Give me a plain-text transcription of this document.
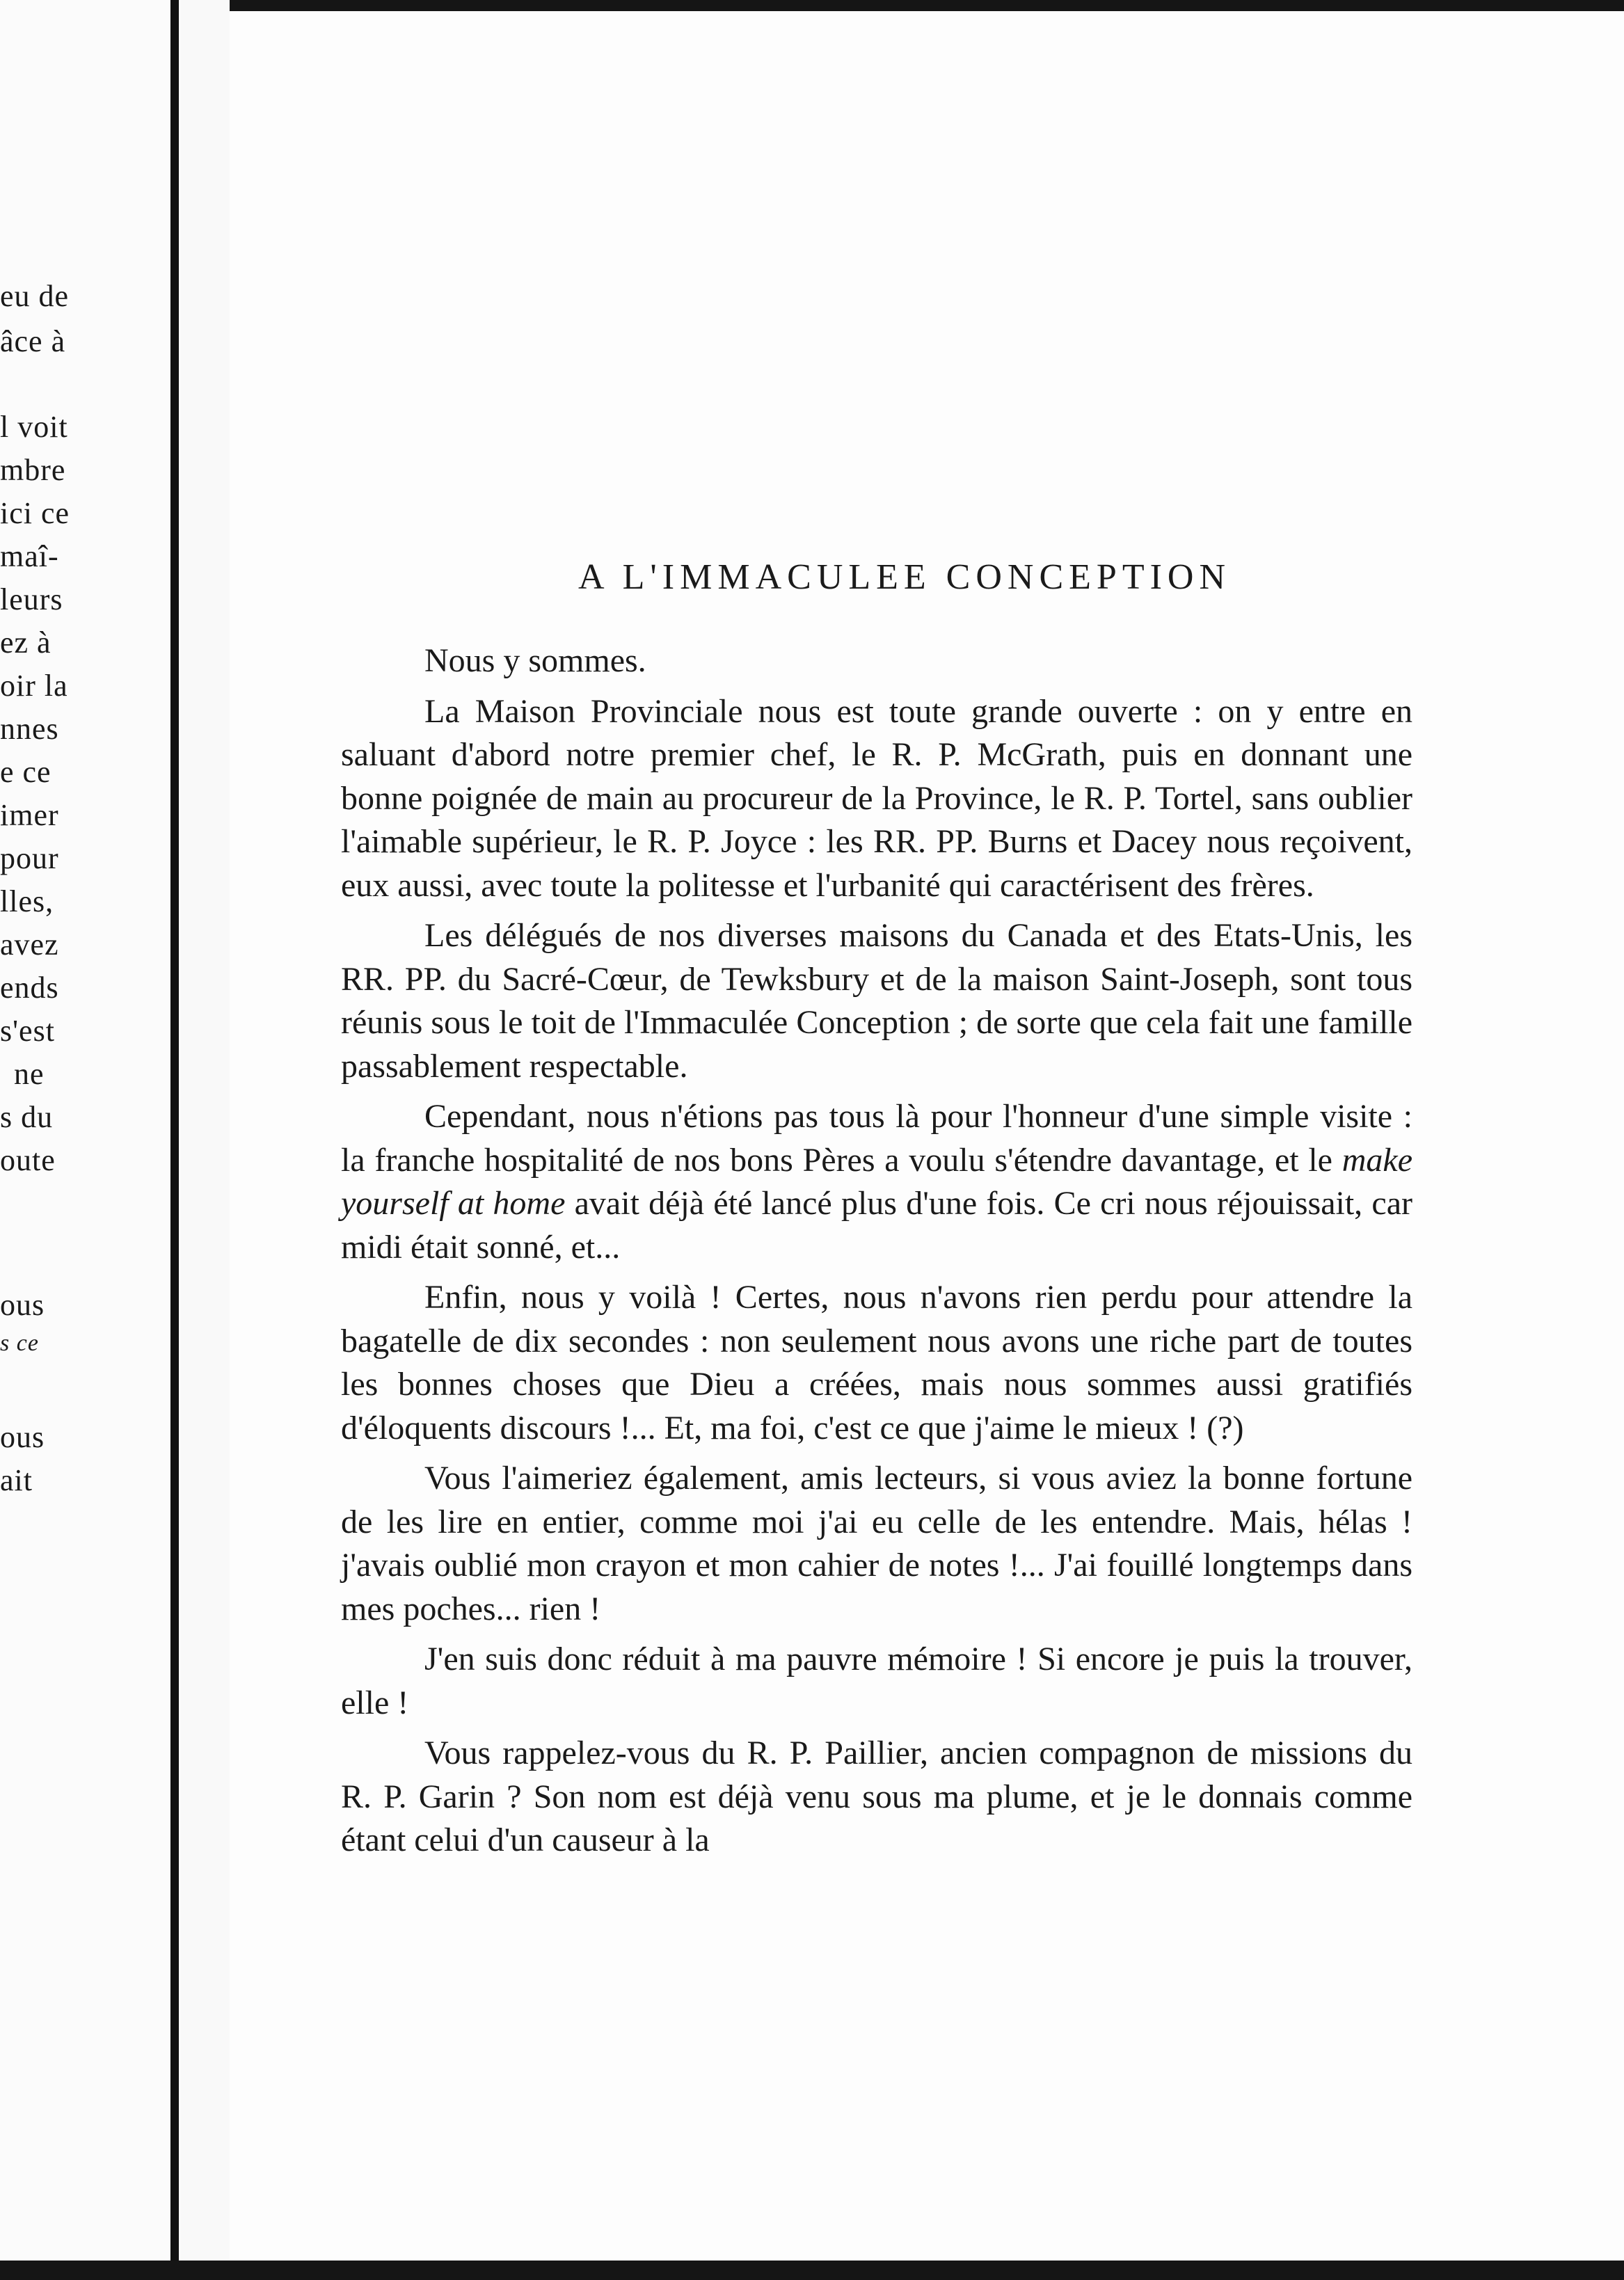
eu de
âce à
l voit
mbre
ici ce
maî-
leurs
ez à
oir la
nnes
e ce
imer
pour
lles,
avez
ends
s'est
ne
s du
oute
ous
s ce
ous
ait
A L'IMMACULEE CONCEPTION

Nous y sommes.

La Maison Provinciale nous est toute grande ouverte : on y entre en saluant d'abord notre premier chef, le R. P. McGrath, puis en donnant une bonne poignée de main au procureur de la Province, le R. P. Tortel, sans oublier l'aimable supérieur, le R. P. Joyce : les RR. PP. Burns et Dacey nous reçoivent, eux aussi, avec toute la politesse et l'urbanité qui caractérisent des frères.

Les délégués de nos diverses maisons du Canada et des Etats-Unis, les RR. PP. du Sacré-Cœur, de Tewksbury et de la maison Saint-Joseph, sont tous réunis sous le toit de l'Immaculée Conception ; de sorte que cela fait une famille passablement respectable.

Cependant, nous n'étions pas tous là pour l'honneur d'une simple visite : la franche hospitalité de nos bons Pères a voulu s'étendre davantage, et le make yourself at home avait déjà été lancé plus d'une fois. Ce cri nous réjouissait, car midi était sonné, et...

Enfin, nous y voilà ! Certes, nous n'avons rien perdu pour attendre la bagatelle de dix secondes : non seulement nous avons une riche part de toutes les bonnes choses que Dieu a créées, mais nous sommes aussi gratifiés d'éloquents discours !... Et, ma foi, c'est ce que j'aime le mieux ! (?)

Vous l'aimeriez également, amis lecteurs, si vous aviez la bonne fortune de les lire en entier, comme moi j'ai eu celle de les entendre. Mais, hélas ! j'avais oublié mon crayon et mon cahier de notes !... J'ai fouillé longtemps dans mes poches... rien !

J'en suis donc réduit à ma pauvre mémoire ! Si encore je puis la trouver, elle !

Vous rappelez-vous du R. P. Paillier, ancien compagnon de missions du R. P. Garin ? Son nom est déjà venu sous ma plume, et je le donnais comme étant celui d'un causeur à la
